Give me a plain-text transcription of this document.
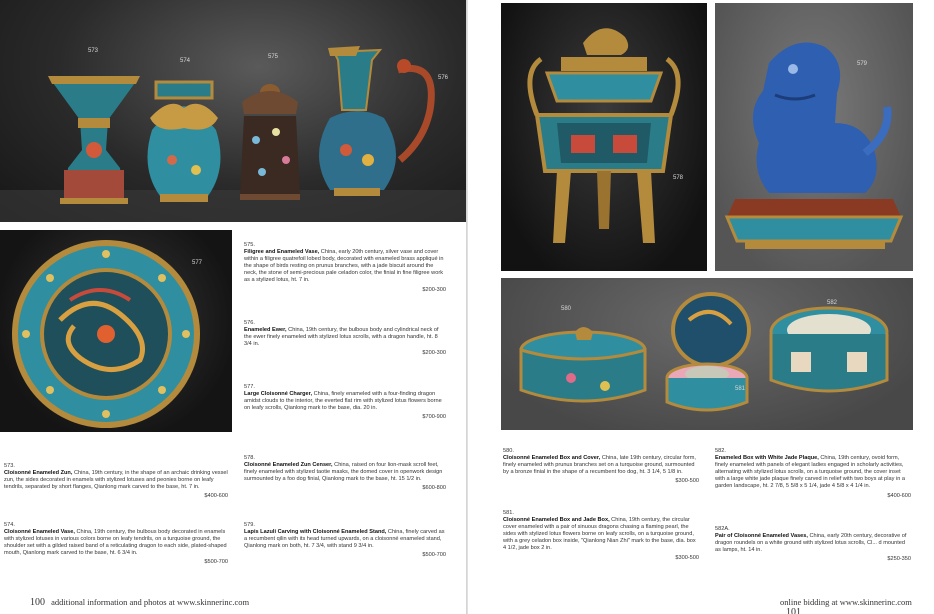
573
574
575
576
577
575.
Filigree and Enameled Vase, China, early 20th century, silver vase and cover within a filigree quatrefoil lobed body, decorated with enameled brass appliqué in the shape of birds resting on prunus branches, with a jade biscuit around the neck, the stone of semi-precious pale celadon color, the finial in fine filigree work as a stylized lotus, ht. 7 in.
$200-300
576.
Enameled Ewer, China, 19th century, the bulbous body and cylindrical neck of the ewer finely enameled with stylized lotus scrolls, with a dragon handle, ht. 8 3/4 in.
$200-300
577.
Large Cloisonné Charger, China, finely enameled with a four-finding dragon amidst clouds to the interior, the everted flat rim with stylized lotus flowers borne on leafy scrolls, Qianlong mark to the base, dia. 20 in.
$700-900
573.
Cloisonné Enameled Zun, China, 19th century, in the shape of an archaic drinking vessel zun, the sides decorated in enamels with stylized lotuses and peonies borne on leafy tendrils, separated by short flanges, Qianlong mark carved to the base, ht. 7 in.
$400-600
574.
Cloisonné Enameled Vase, China, 19th century, the bulbous body decorated in enamels with stylized lotuses in various colors borne on leafy tendrils, on a turquoise ground, the shoulder set with a gilded raised band of a reticulating dragon to each side, plated-shaped mouth, Qianlong mark carved to the base, ht. 6 3/4 in.
$500-700
578.
Cloisonné Enameled Zun Censer, China, raised on four lion-mask scroll feet, finely enameled with stylized taotie masks, the domed cover in openwork design surmounted by a foo dog finial, Qianlong mark to the base, ht. 15 1/2 in.
$600-800
579.
Lapis Lazuli Carving with Cloisonné Enameled Stand, China, finely carved as a recumbent qilin with its head turned upwards, on a cloisonné enameled stand, Qianlong mark on both, ht. 7 3/4, with stand 9 3/4 in.
$500-700
100 additional information and photos at www.skinnerinc.com
578
579
580
581
582
580.
Cloisonné Enameled Box and Cover, China, late 19th century, circular form, finely enameled with prunus branches set on a turquoise ground, surmounted by a bronze finial in the shape of a recumbent foo dog, ht. 3 1/4, 5 1/8 in.
$300-500
581.
Cloisonné Enameled Box and Jade Box, China, 19th century, the circular cover enameled with a pair of sinuous dragons chasing a flaming pearl, the sides with stylized lotus flowers borne on leafy scrolls, on a turquoise ground, with a grey celadon box inside, "Qianlong Nian Zhi" mark to the base, dia. box 4 1/2, jade box 2 in.
$300-500
582.
Enameled Box with White Jade Plaque, China, 19th century, ovoid form, finely enameled with panels of elegant ladies engaged in scholarly activities, alternating with stylized lotus scrolls, on a turquoise ground, the cover inset with a large white jade plaque finely carved in relief with two boys at play in a garden landscape, ht. 2 7/8, 5 5/8 x 5 1/4, jade 4 5/8 x 4 1/4 in.
$400-600
582A.
Pair of Cloisonné Enameled Vases, China, early 20th century, decorative of dragon roundels on a white ground with stylized lotus scrolls, Cl... d mounted as lamps, ht. 14 in.
$250-350
online bidding at www.skinnerinc.com 101
